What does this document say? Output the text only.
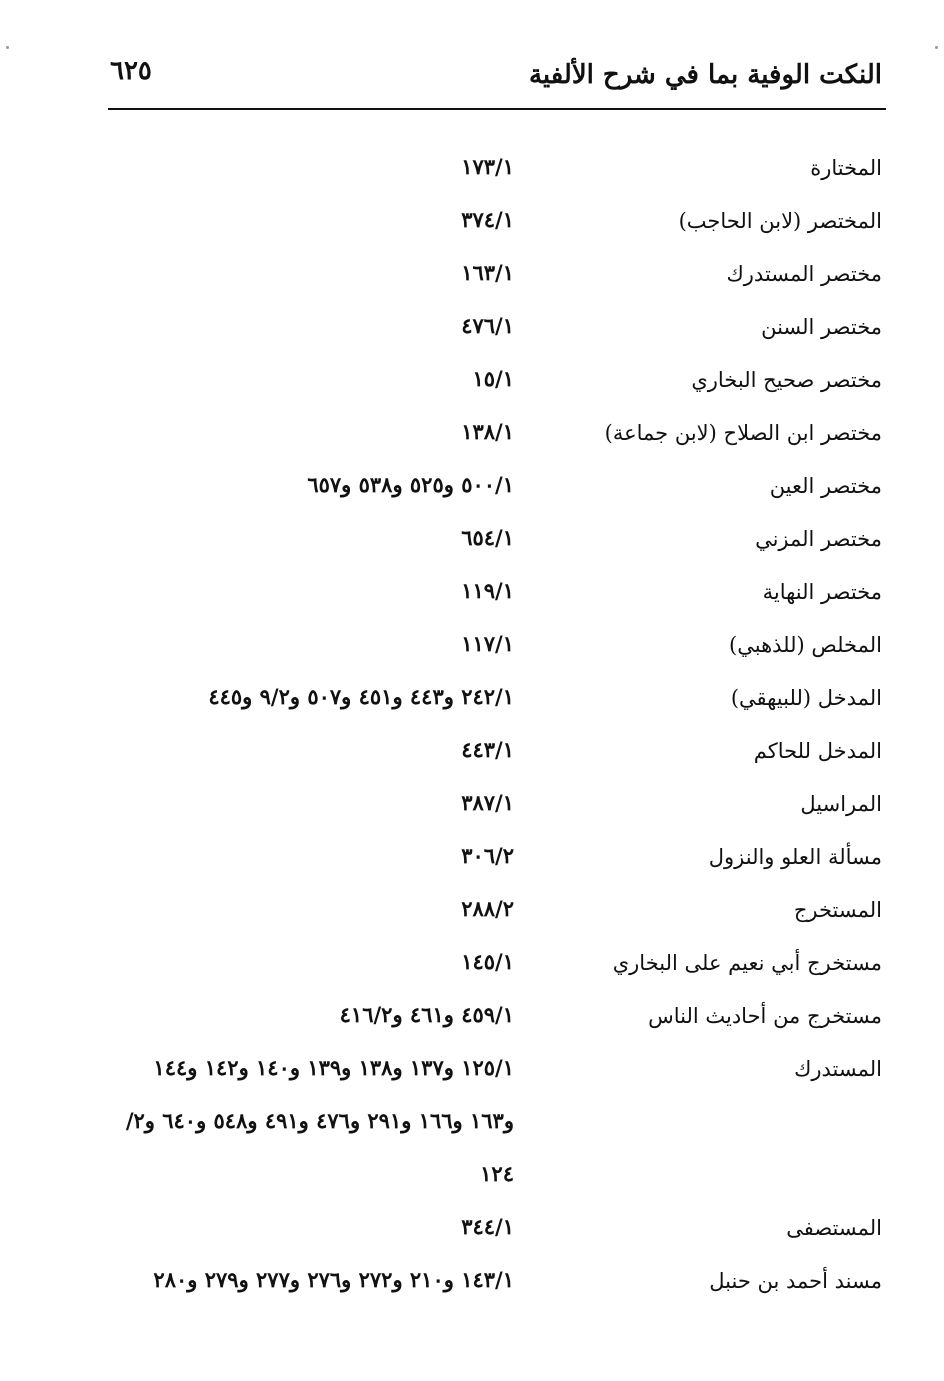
٦٢٥	النكت الوفية بما في شرح الألفية
المختارة
١٧٣/١
المختصر (لابن الحاجب)
٣٧٤/١
مختصر المستدرك
١٦٣/١
مختصر السنن
٤٧٦/١
مختصر صحيح البخاري
١٥/١
مختصر ابن الصلاح (لابن جماعة)
١٣٨/١
مختصر العين
٥٠٠/١ و٥٢٥ و٥٣٨ و٦٥٧
مختصر المزني
٦٥٤/١
مختصر النهاية
١١٩/١
المخلص (للذهبي)
١١٧/١
المدخل (للبيهقي)
٢٤٢/١ و٤٤٣ و٤٥١ و٥٠٧ و٩/٢ و٤٤٥
المدخل للحاكم
٤٤٣/١
المراسيل
٣٨٧/١
مسألة العلو والنزول
٣٠٦/٢
المستخرج
٢٨٨/٢
مستخرج أبي نعيم على البخاري
١٤٥/١
مستخرج من أحاديث الناس
٤٥٩/١ و٤٦١ و٤١٦/٢
المستدرك
١٢٥/١ و١٣٧ و١٣٨ و١٣٩ و١٤٠ و١٤٢ و١٤٤
و١٦٣ و١٦٦ و٢٩١ و٤٧٦ و٤٩١ و٥٤٨ و٦٤٠ و٢/
١٢٤
المستصفى
٣٤٤/١
مسند أحمد بن حنبل
١٤٣/١ و٢١٠ و٢٧٢ و٢٧٦ و٢٧٧ و٢٧٩ و٢٨٠
